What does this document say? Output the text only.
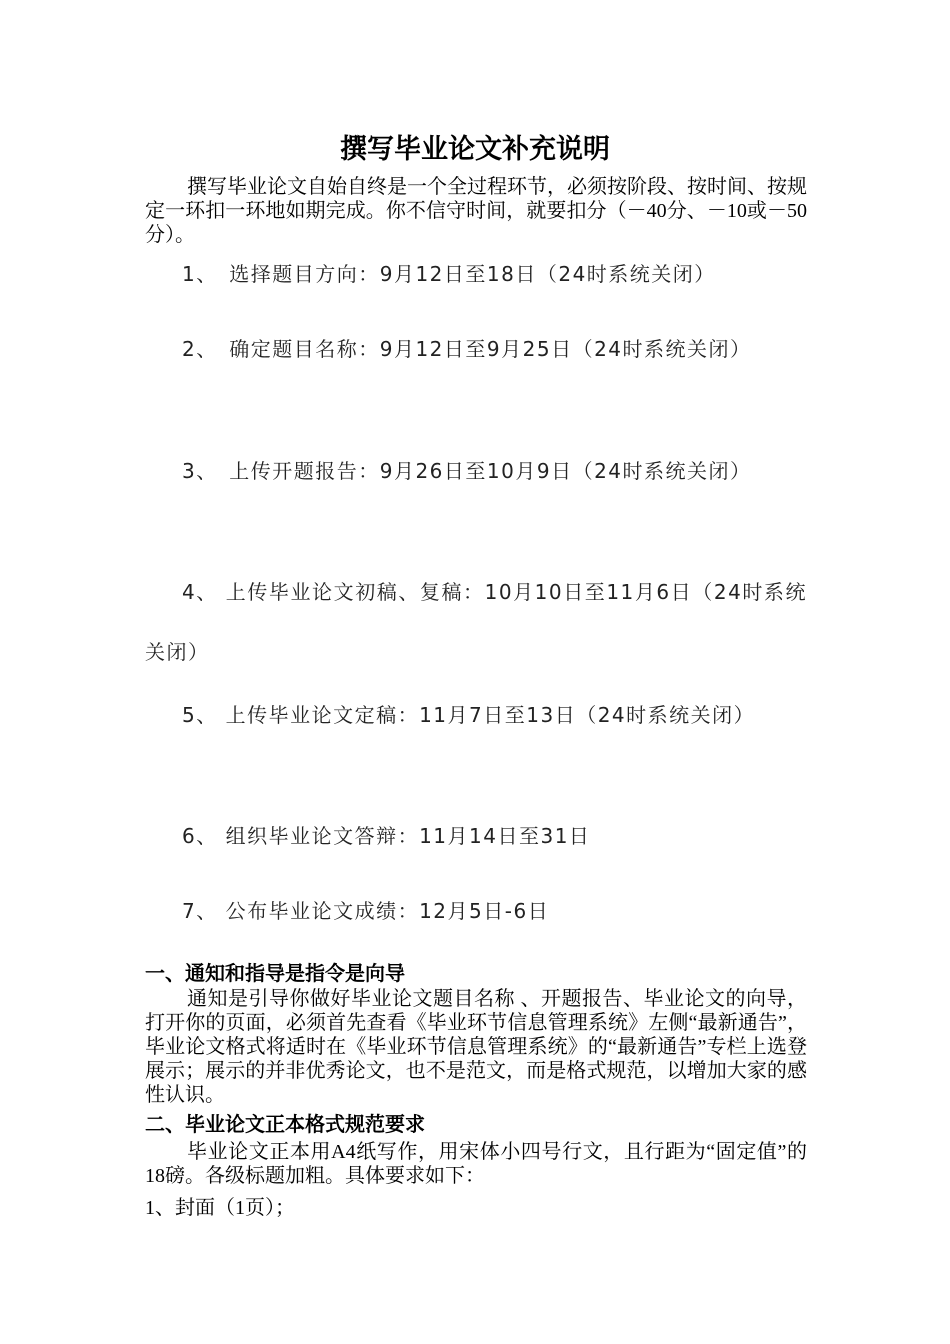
撰写毕业论文补充说明
撰写毕业论文自始自终是一个全过程环节，必须按阶段、按时间、按规定一环扣一环地如期完成。你不信守时间，就要扣分（－40分、－10或－50分）。
1、　选择题目方向：9月12日至18日（24时系统关闭）
2、　确定题目名称：9月12日至9月25日（24时系统关闭）
3、　上传开题报告：9月26日至10月9日（24时系统关闭）
4、 上传毕业论文初稿、复稿：10月10日至11月6日（24时系统关闭）
5、 上传毕业论文定稿：11月7日至13日（24时系统关闭）
6、 组织毕业论文答辩：11月14日至31日
7、 公布毕业论文成绩：12月5日-6日
一、通知和指导是指令是向导
通知是引导你做好毕业论文题目名称 、开题报告、毕业论文的向导，打开你的页面，必须首先查看《毕业环节信息管理系统》左侧“最新通告”，毕业论文格式将适时在《毕业环节信息管理系统》的“最新通告”专栏上选登展示；展示的并非优秀论文，也不是范文，而是格式规范，以增加大家的感性认识。
二、毕业论文正本格式规范要求
毕业论文正本用A4纸写作，用宋体小四号行文，且行距为“固定值”的18磅。各级标题加粗。具体要求如下：
1、封面（1页）；
